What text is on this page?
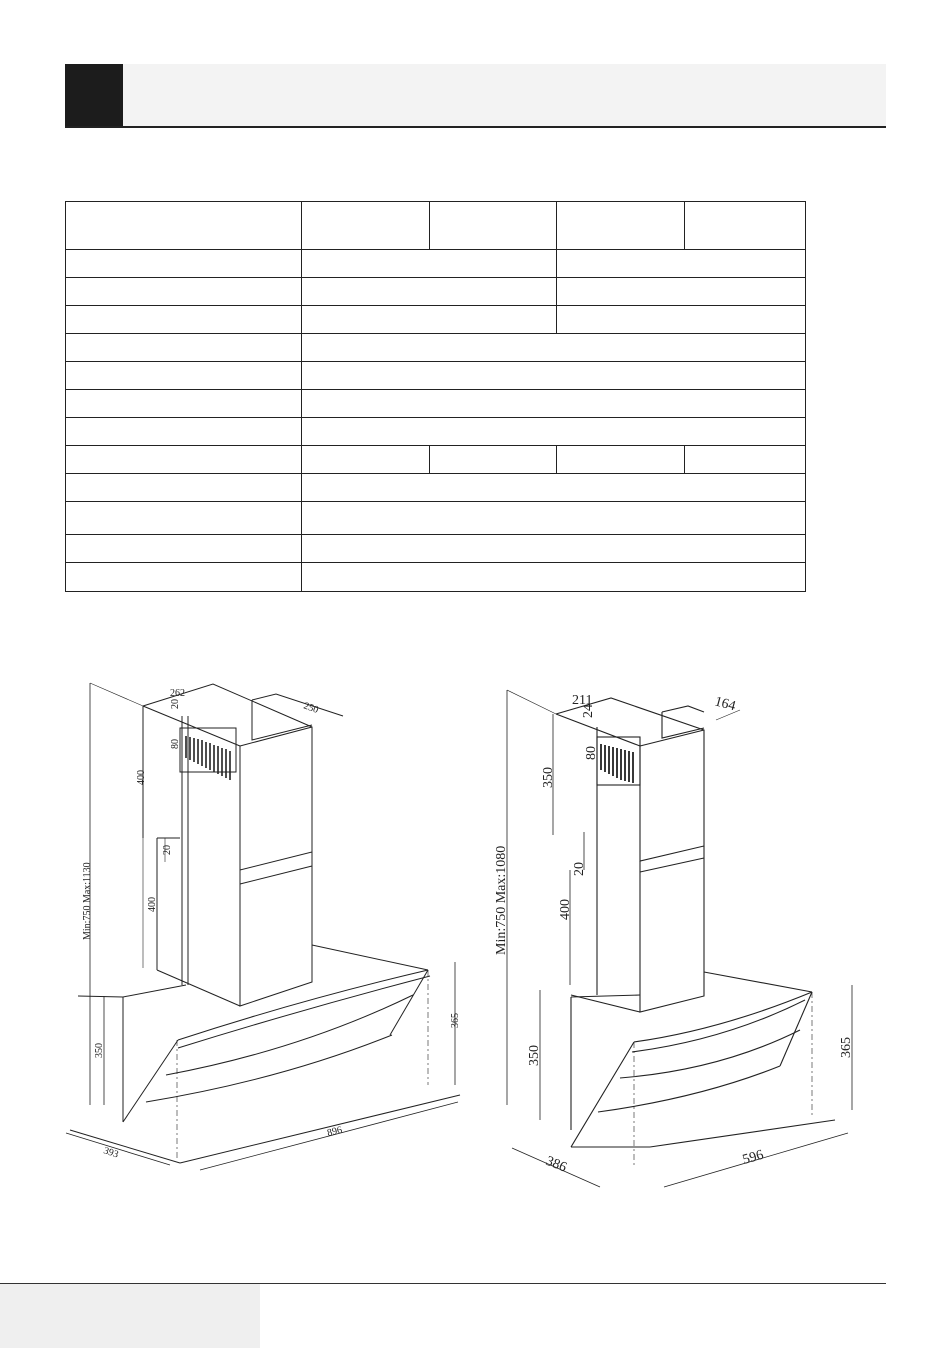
262
250
20
80
400
20
400
Min:750 Max:1130
350
365
393
896
211
24	164
80
350
20
400
Min:750 Max:1080
350	365
386	596
